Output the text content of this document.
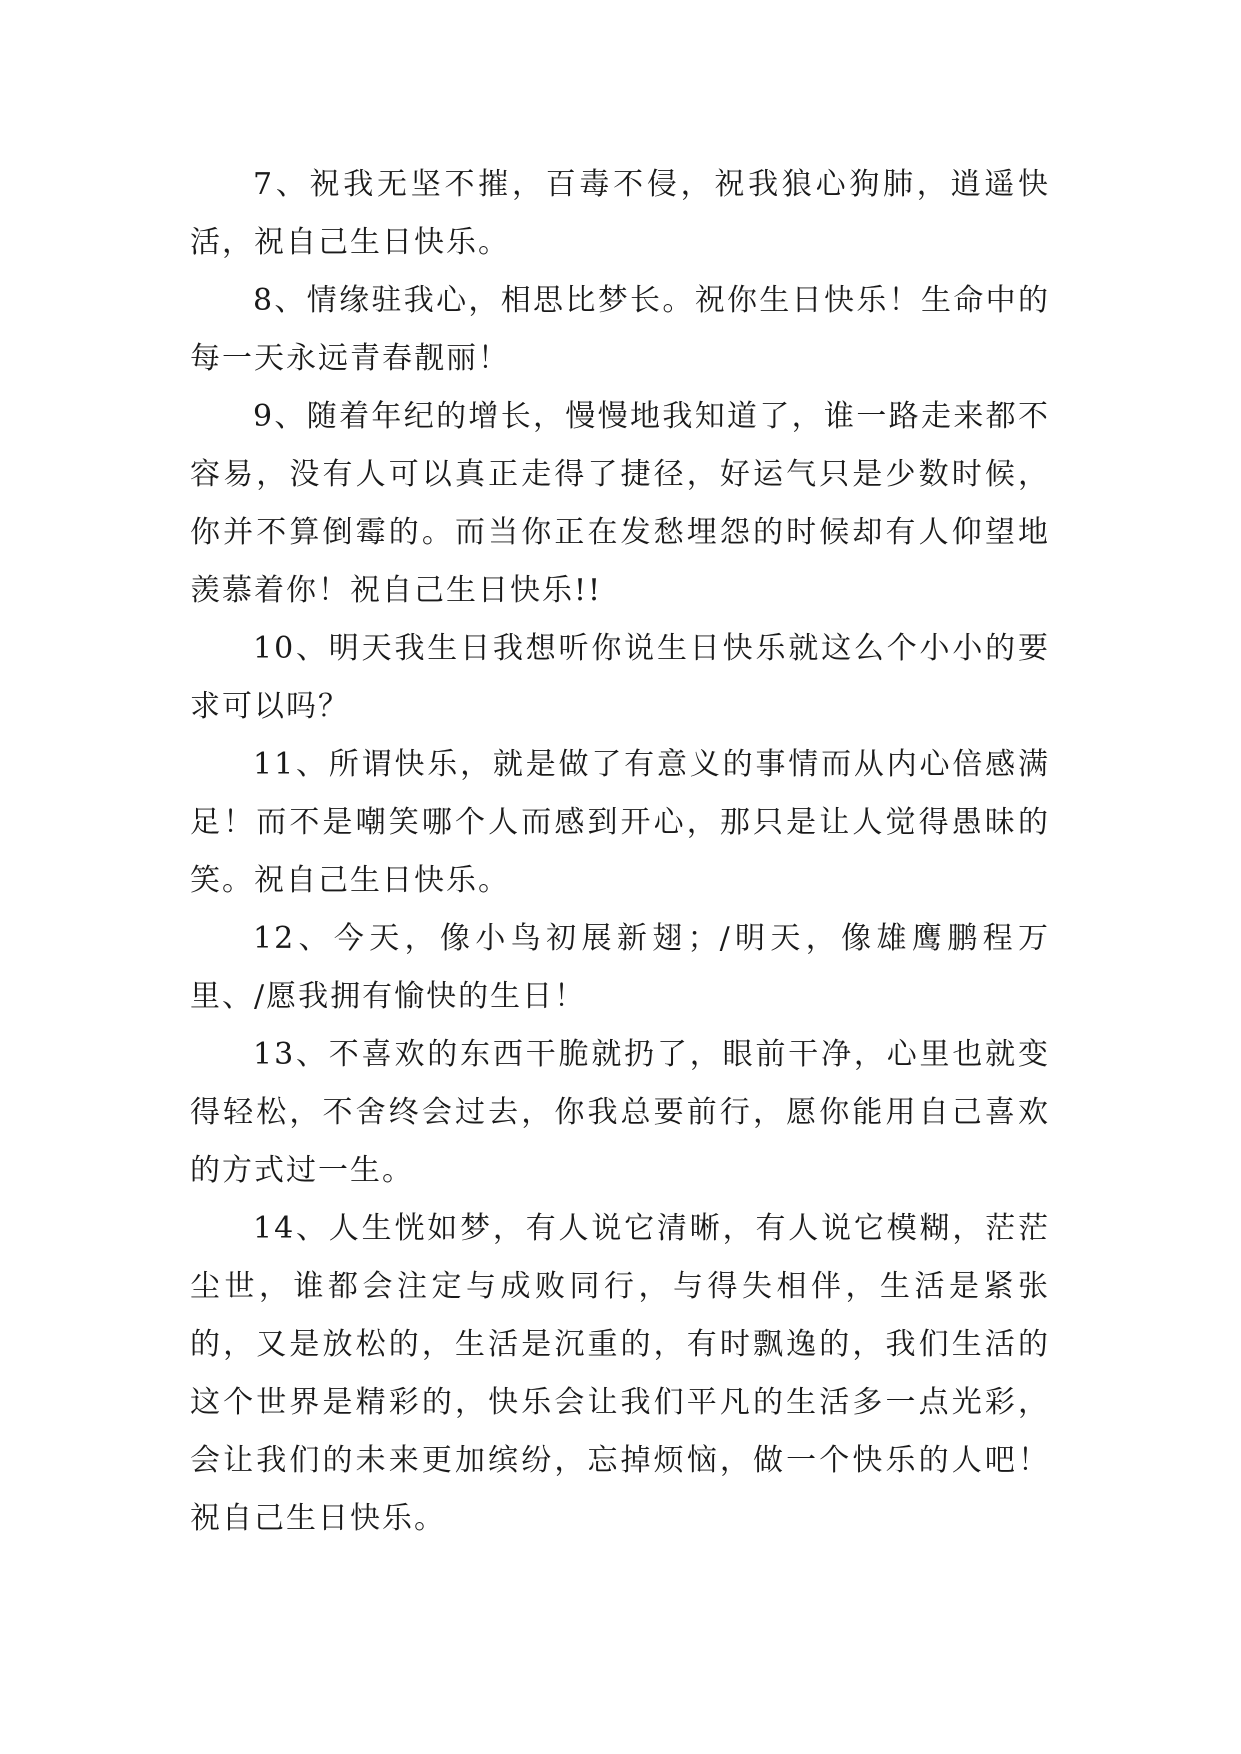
7、祝我无坚不摧，百毒不侵，祝我狼心狗肺，逍遥快活，祝自己生日快乐。

8、情缘驻我心，相思比梦长。祝你生日快乐！生命中的每一天永远青春靓丽！

9、随着年纪的增长，慢慢地我知道了，谁一路走来都不容易，没有人可以真正走得了捷径，好运气只是少数时候，你并不算倒霉的。而当你正在发愁埋怨的时候却有人仰望地羡慕着你！祝自己生日快乐!!

10、明天我生日我想听你说生日快乐就这么个小小的要求可以吗？

11、所谓快乐，就是做了有意义的事情而从内心倍感满足！而不是嘲笑哪个人而感到开心，那只是让人觉得愚昧的笑。祝自己生日快乐。

12、今天，像小鸟初展新翅；/明天，像雄鹰鹏程万里、/愿我拥有愉快的生日！

13、不喜欢的东西干脆就扔了，眼前干净，心里也就变得轻松，不舍终会过去，你我总要前行，愿你能用自己喜欢的方式过一生。

14、人生恍如梦，有人说它清晰，有人说它模糊，茫茫尘世，谁都会注定与成败同行，与得失相伴，生活是紧张的，又是放松的，生活是沉重的，有时飘逸的，我们生活的这个世界是精彩的，快乐会让我们平凡的生活多一点光彩，会让我们的未来更加缤纷，忘掉烦恼，做一个快乐的人吧！祝自己生日快乐。
